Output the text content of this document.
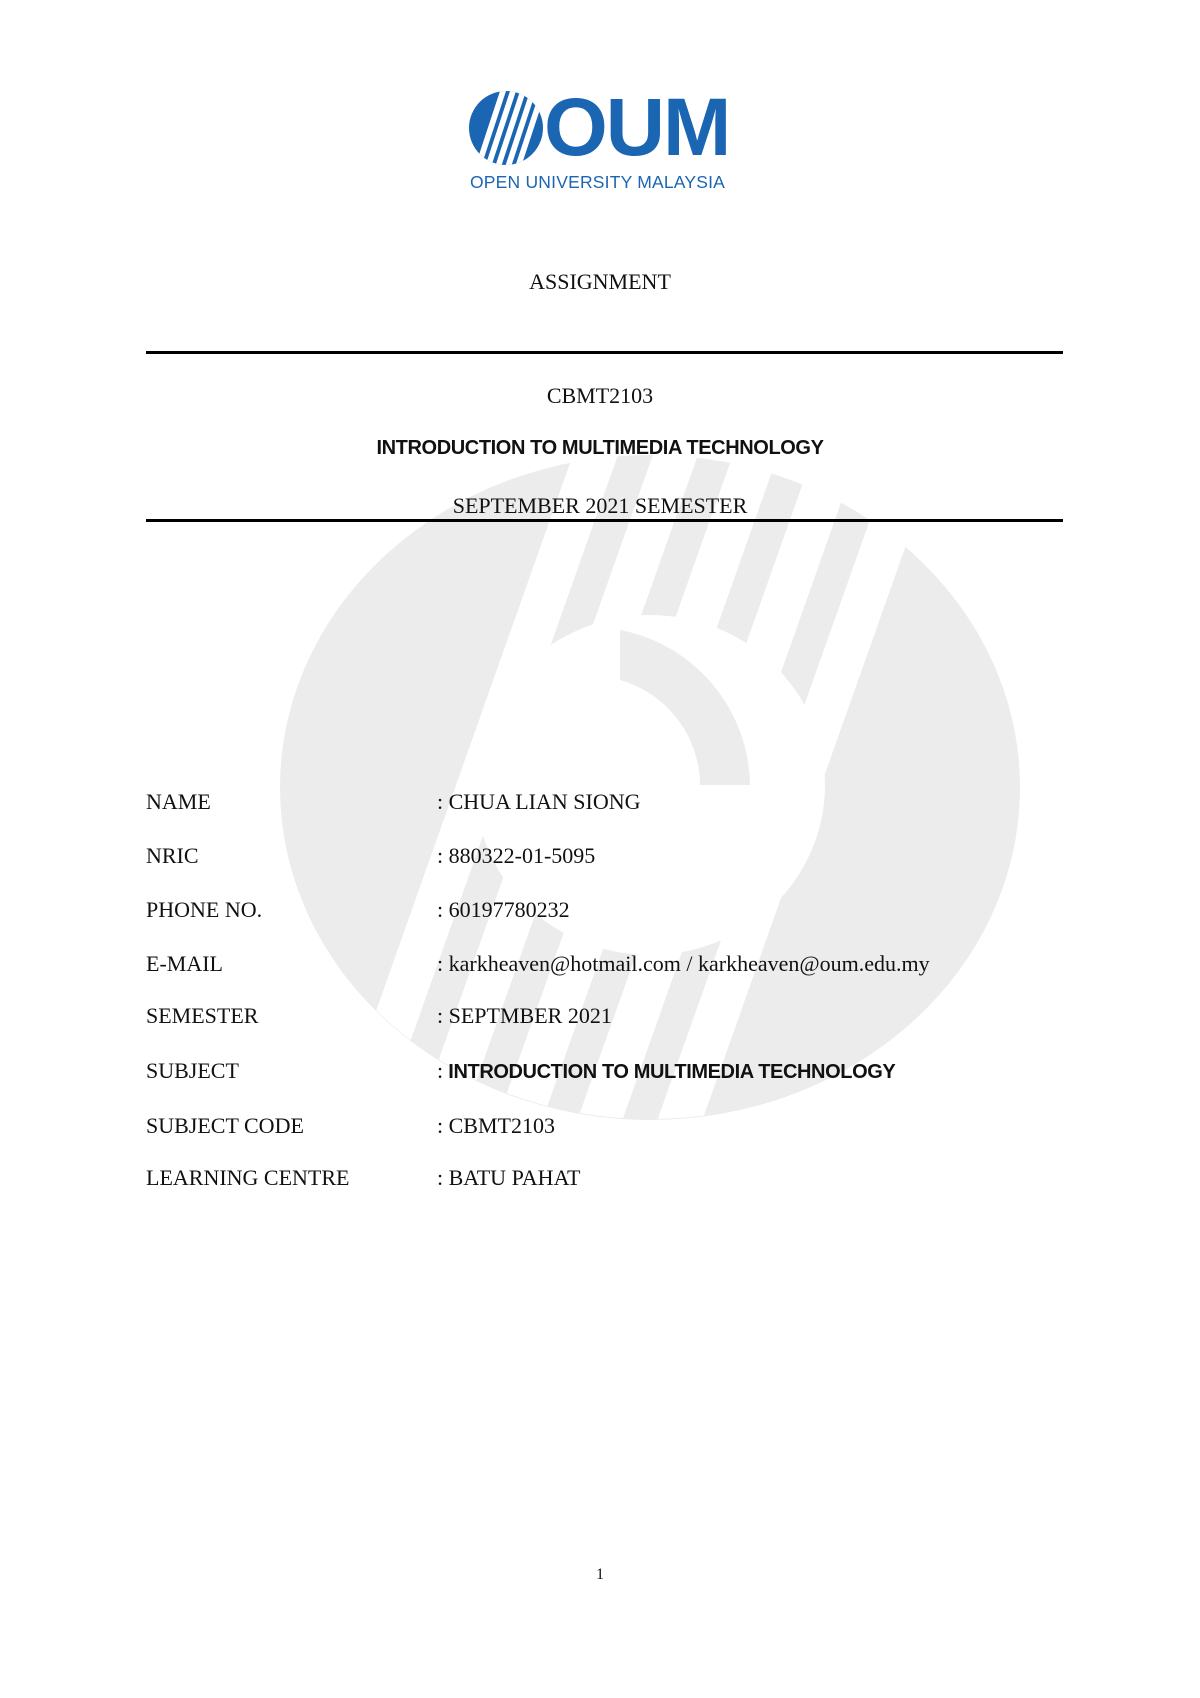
OUM
OPEN UNIVERSITY MALAYSIA
ASSIGNMENT
CBMT2103
INTRODUCTION TO MULTIMEDIA TECHNOLOGY
SEPTEMBER 2021 SEMESTER
NAME	: CHUA LIAN SIONG
NRIC	: 880322-01-5095
PHONE NO.	: 60197780232
E-MAIL	: karkheaven@hotmail.com / karkheaven@oum.edu.my
SEMESTER	: SEPTMBER 2021
SUBJECT	: INTRODUCTION TO MULTIMEDIA TECHNOLOGY
SUBJECT CODE	: CBMT2103
LEARNING CENTRE	: BATU PAHAT
1
